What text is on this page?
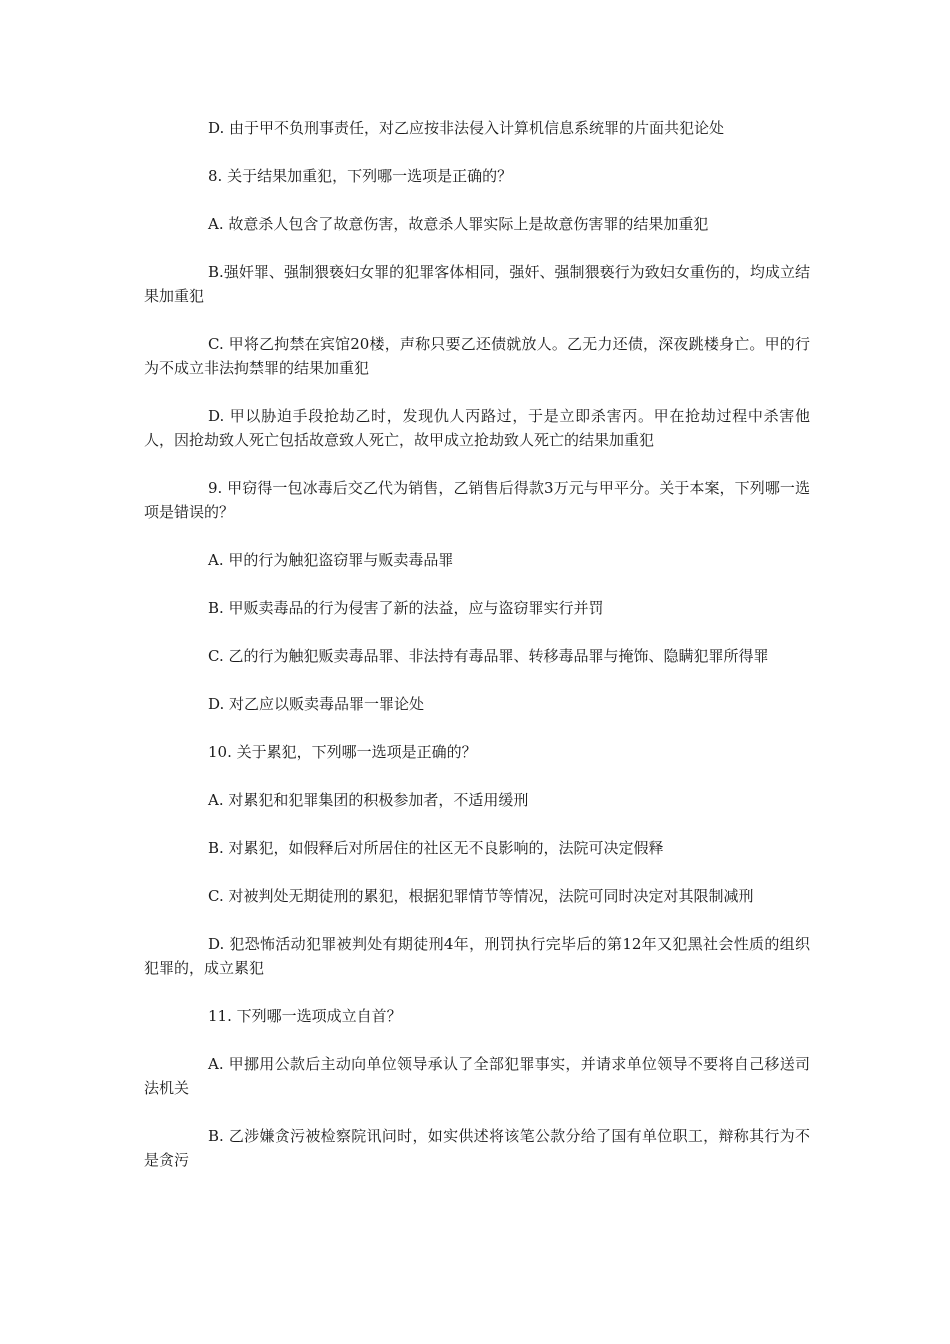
D. 由于甲不负刑事责任，对乙应按非法侵入计算机信息系统罪的片面共犯论处

8. 关于结果加重犯，下列哪一选项是正确的？

A. 故意杀人包含了故意伤害，故意杀人罪实际上是故意伤害罪的结果加重犯

B.强奸罪、强制猥亵妇女罪的犯罪客体相同，强奸、强制猥亵行为致妇女重伤的，均成立结果加重犯

C. 甲将乙拘禁在宾馆20楼，声称只要乙还债就放人。乙无力还债，深夜跳楼身亡。甲的行为不成立非法拘禁罪的结果加重犯

D. 甲以胁迫手段抢劫乙时，发现仇人丙路过，于是立即杀害丙。甲在抢劫过程中杀害他人，因抢劫致人死亡包括故意致人死亡，故甲成立抢劫致人死亡的结果加重犯

9. 甲窃得一包冰毒后交乙代为销售，乙销售后得款3万元与甲平分。关于本案，下列哪一选项是错误的？

A. 甲的行为触犯盗窃罪与贩卖毒品罪

B. 甲贩卖毒品的行为侵害了新的法益，应与盗窃罪实行并罚

C. 乙的行为触犯贩卖毒品罪、非法持有毒品罪、转移毒品罪与掩饰、隐瞒犯罪所得罪

D. 对乙应以贩卖毒品罪一罪论处

10. 关于累犯，下列哪一选项是正确的？

A. 对累犯和犯罪集团的积极参加者，不适用缓刑

B. 对累犯，如假释后对所居住的社区无不良影响的，法院可决定假释

C. 对被判处无期徒刑的累犯，根据犯罪情节等情况，法院可同时决定对其限制减刑

D. 犯恐怖活动犯罪被判处有期徒刑4年，刑罚执行完毕后的第12年又犯黑社会性质的组织犯罪的，成立累犯

11. 下列哪一选项成立自首？

A. 甲挪用公款后主动向单位领导承认了全部犯罪事实，并请求单位领导不要将自己移送司法机关

B. 乙涉嫌贪污被检察院讯问时，如实供述将该笔公款分给了国有单位职工，辩称其行为不是贪污
